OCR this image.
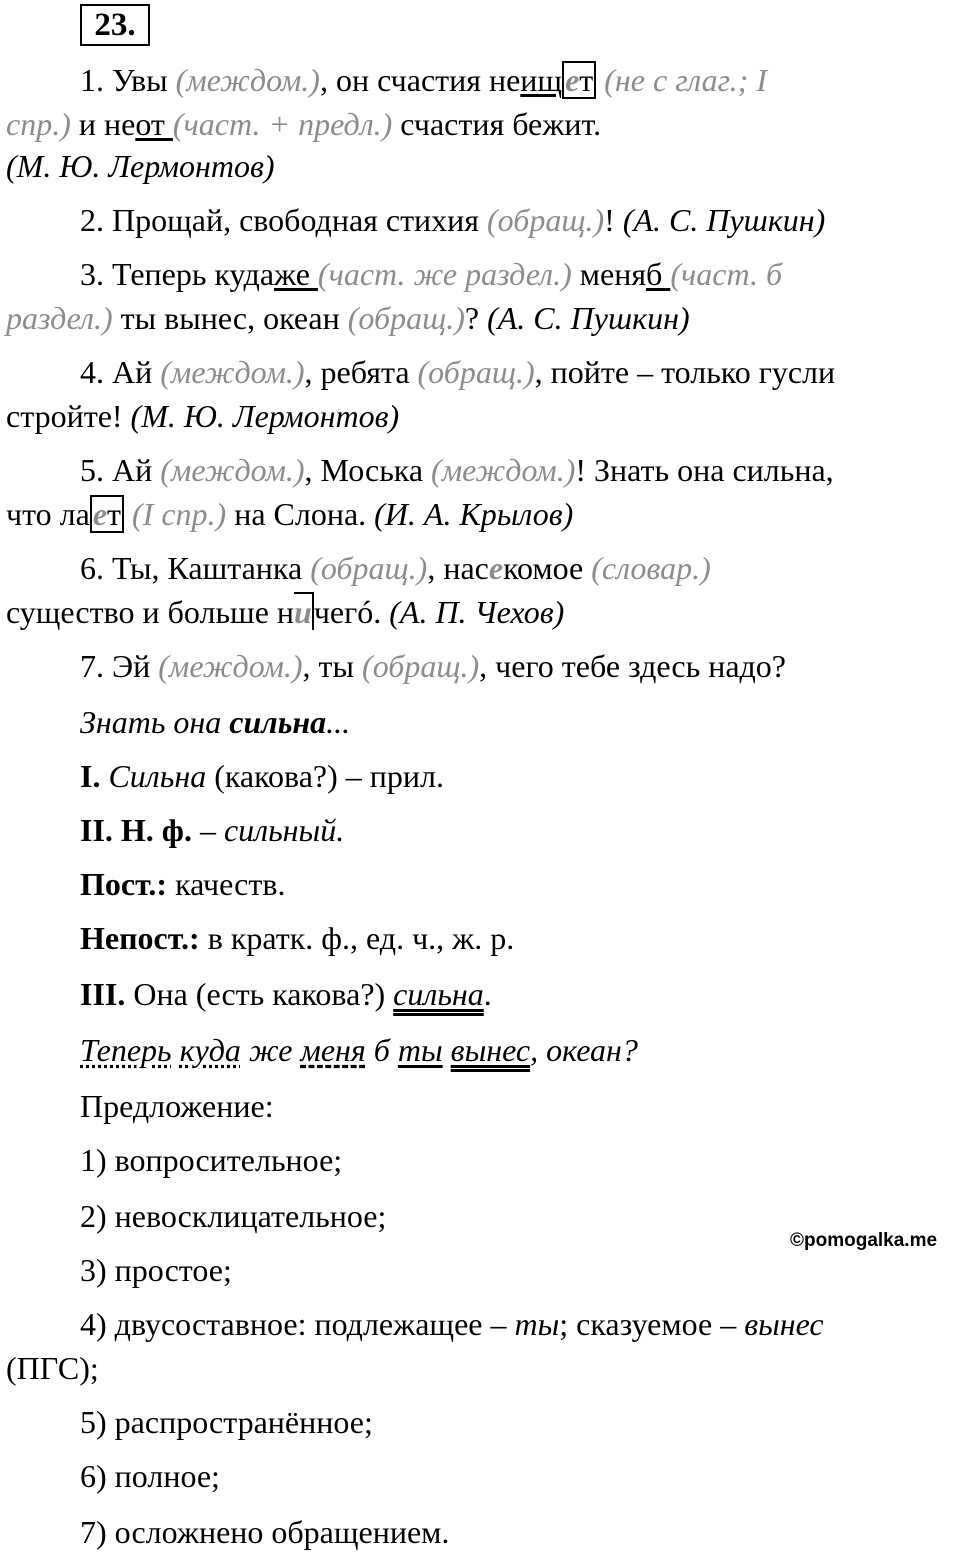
23.
1. Увы (междом.), он счастия неищет (не с глаг.; I
спр.) и неот (част. + предл.) счастия бежит.
(М. Ю. Лермонтов)
2. Прощай, свободная стихия (обращ.)! (А. С. Пушкин)
3. Теперь кудаже (част. же раздел.) меняб (част. б
раздел.) ты вынес, океан (обращ.)? (А. С. Пушкин)
4. Ай (междом.), ребята (обращ.), пойте – только гусли
стройте! (М. Ю. Лермонтов)
5. Ай (междом.), Моська (междом.)! Знать она сильна,
что лает (I спр.) на Слона. (И. А. Крылов)
6. Ты, Каштанка (обращ.), насекомое (словар.)
существо и больше ничегó. (А. П. Чехов)
7. Эй (междом.), ты (обращ.), чего тебе здесь надо?
Знать она сильна...
I. Сильна (какова?) – прил.
II. Н. ф. – сильный.
Пост.: качеств.
Непост.: в кратк. ф., ед. ч., ж. р.
III. Она (есть какова?) сильна.
Теперь куда же меня б ты вынес, океан?
Предложение:
1) вопросительное;
2) невосклицательное;
3) простое;
4) двусоставное: подлежащее – ты; сказуемое – вынес
(ПГС);
5) распространённое;
6) полное;
7) осложнено обращением.
©pomogalka.me
